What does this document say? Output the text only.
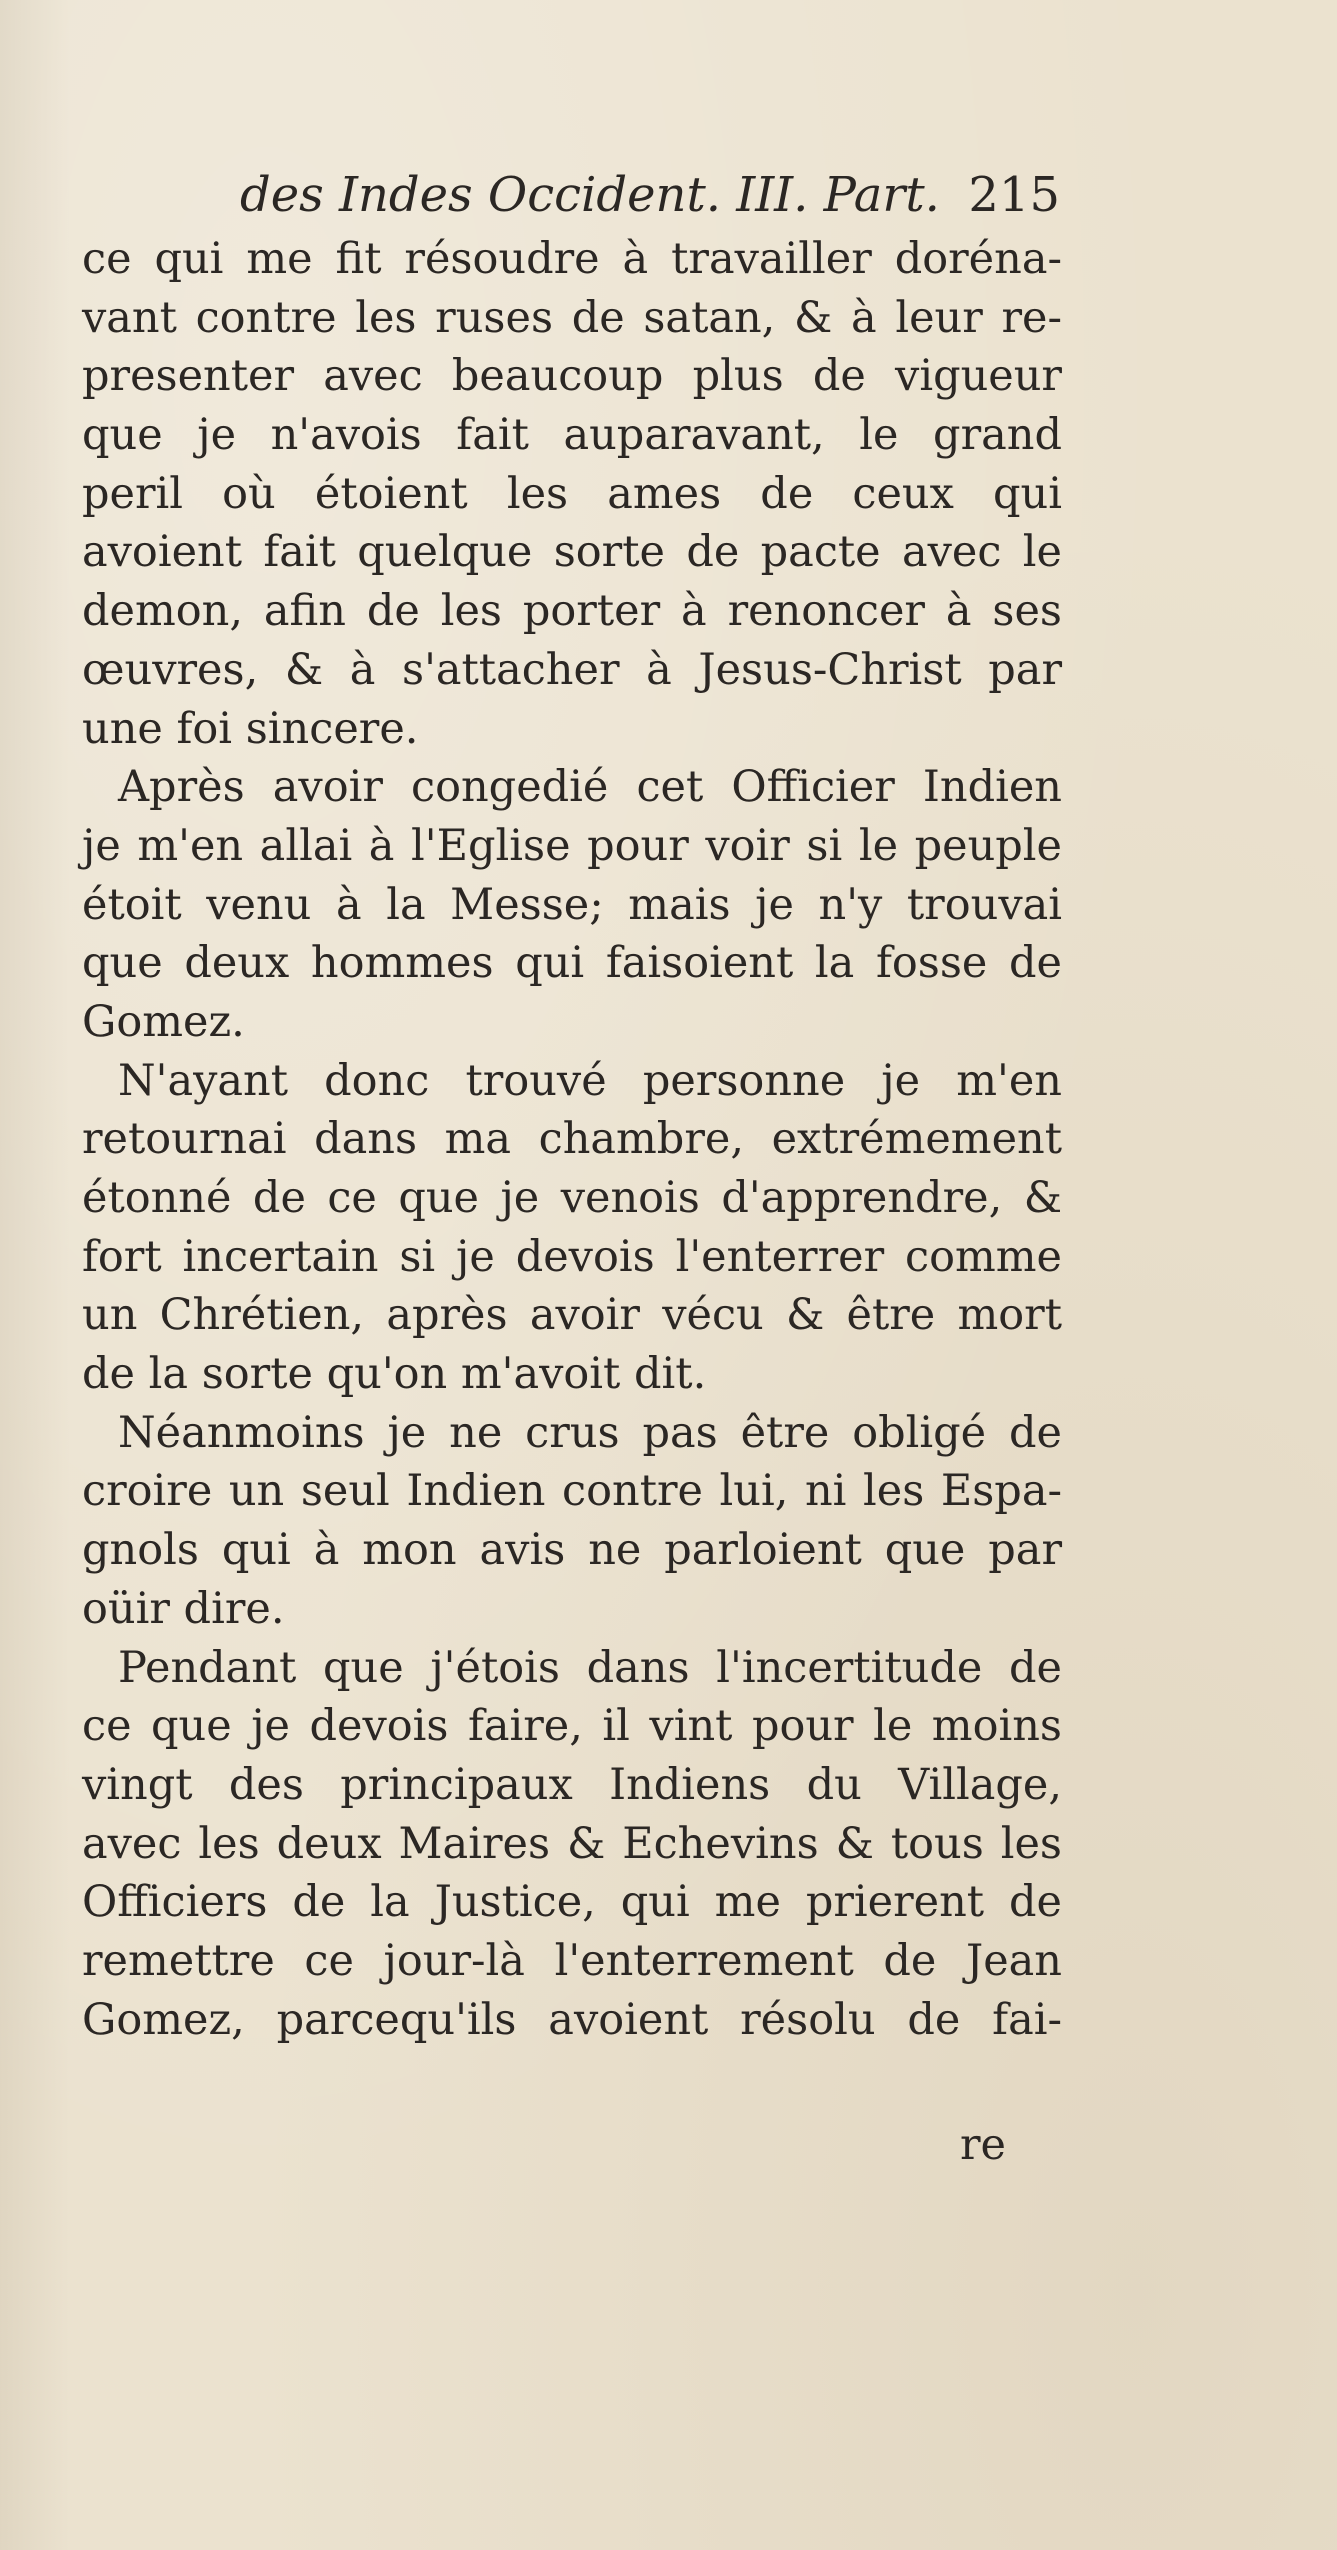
des Indes Occident. III. Part. 215
ce qui me fit résoudre à travailler doréna-
vant contre les ruses de satan, & à leur re-
presenter avec beaucoup plus de vigueur
que je n'avois fait auparavant, le grand
peril où étoient les ames de ceux qui
avoient fait quelque sorte de pacte avec le
demon, afin de les porter à renoncer à ses
œuvres, & à s'attacher à Jesus-Christ par
une foi sincere.
Après avoir congedié cet Officier Indien
je m'en allai à l'Eglise pour voir si le peuple
étoit venu à la Messe; mais je n'y trouvai
que deux hommes qui faisoient la fosse de
Gomez.
N'ayant donc trouvé personne je m'en
retournai dans ma chambre, extrémement
étonné de ce que je venois d'apprendre, &
fort incertain si je devois l'enterrer comme
un Chrétien, après avoir vécu & être mort
de la sorte qu'on m'avoit dit.
Néanmoins je ne crus pas être obligé de
croire un seul Indien contre lui, ni les Espa-
gnols qui à mon avis ne parloient que par
oüir dire.
Pendant que j'étois dans l'incertitude de
ce que je devois faire, il vint pour le moins
vingt des principaux Indiens du Village,
avec les deux Maires & Echevins & tous les
Officiers de la Justice, qui me prierent de
remettre ce jour-là l'enterrement de Jean
Gomez, parcequ'ils avoient résolu de fai-
re
